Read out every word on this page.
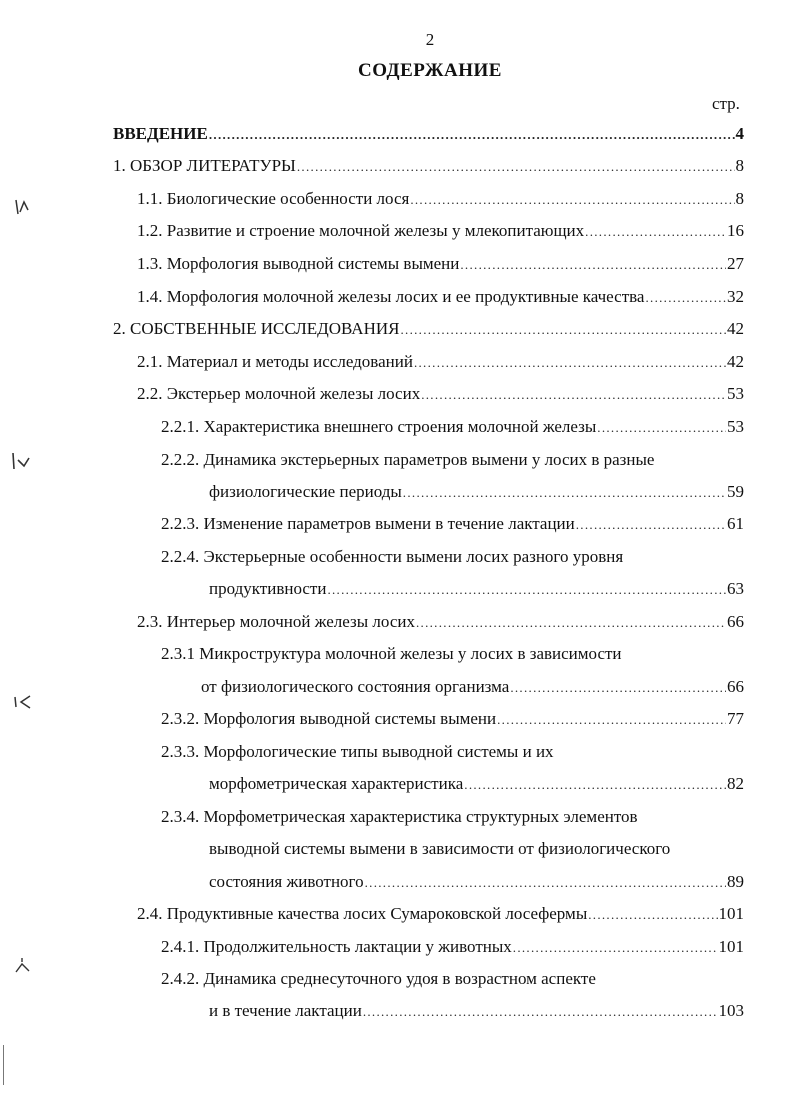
2
СОДЕРЖАНИЕ
стр.
ВВЕДЕНИЕ .....	4
1. ОБЗОР ЛИТЕРАТУРЫ .....	8
1.1. Биологические особенности лося .....	8
1.2. Развитие и строение молочной железы у млекопитающих .....	16
1.3. Морфология выводной системы вымени .....	27
1.4. Морфология молочной железы лосих и ее продуктивные качества .....	32
2. СОБСТВЕННЫЕ ИССЛЕДОВАНИЯ .....	42
2.1. Материал и методы исследований .....	42
2.2. Экстерьер молочной железы лосих .....	53
2.2.1. Характеристика внешнего строения молочной железы .....	53
2.2.2. Динамика экстерьерных параметров вымени у лосих в разные
физиологические периоды .....	59
2.2.3. Изменение параметров вымени в течение лактации .....	61
2.2.4. Экстерьерные особенности вымени лосих разного уровня
продуктивности .....	63
2.3. Интерьер молочной железы лосих .....	66
2.3.1 Микроструктура молочной железы у лосих в зависимости
от физиологического состояния организма .....	66
2.3.2. Морфология выводной системы вымени .....	77
2.3.3. Морфологические типы выводной системы и их
морфометрическая характеристика .....	82
2.3.4. Морфометрическая характеристика структурных элементов
выводной системы вымени в зависимости от физиологического
состояния животного .....	89
2.4. Продуктивные качества лосих Сумароковской лосефермы .....	101
2.4.1. Продолжительность лактации у животных .....	101
2.4.2. Динамика среднесуточного удоя в возрастном аспекте
и в течение лактации .....	103
